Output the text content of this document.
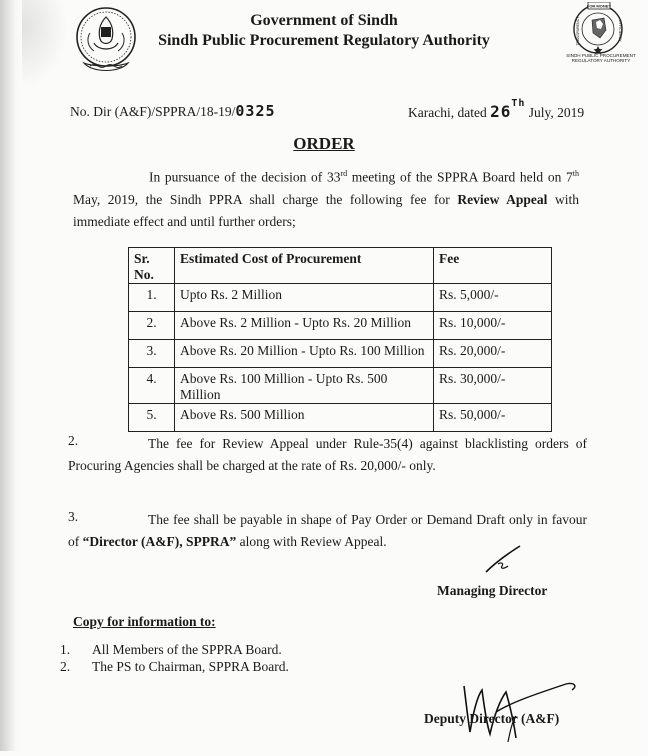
Government of Sindh
Sindh Public Procurement Regulatory Authority
FOR MONEY
TRANSPARENCY	EFFICIENCY
SINDH PUBLIC PROCUREMENT
REGULATORY AUTHORITY
No. Dir (A&F)/SPPRA/18-19/0325	Karachi, dated 26Th July, 2019
ORDER
In pursuance of the decision of 33rd meeting of the SPPRA Board held on 7th May, 2019, the Sindh PPRA shall charge the following fee for Review Appeal with immediate effect and until further orders;
Sr. No.	Estimated Cost of Procurement	Fee
1.	Upto Rs. 2 Million	Rs. 5,000/-
2.	Above Rs. 2 Million - Upto Rs. 20 Million	Rs. 10,000/-
3.	Above Rs. 20 Million - Upto Rs. 100 Million	Rs. 20,000/-
4.	Above Rs. 100 Million - Upto Rs. 500 Million	Rs. 30,000/-
5.	Above Rs. 500 Million	Rs. 50,000/-
2.	The fee for Review Appeal under Rule-35(4) against blacklisting orders of Procuring Agencies shall be charged at the rate of Rs. 20,000/- only.
3.	The fee shall be payable in shape of Pay Order or Demand Draft only in favour of “Director (A&F), SPPRA” along with Review Appeal.
Managing Director
Copy for information to:
1. All Members of the SPPRA Board.
2. The PS to Chairman, SPPRA Board.
Deputy Director (A&F)
